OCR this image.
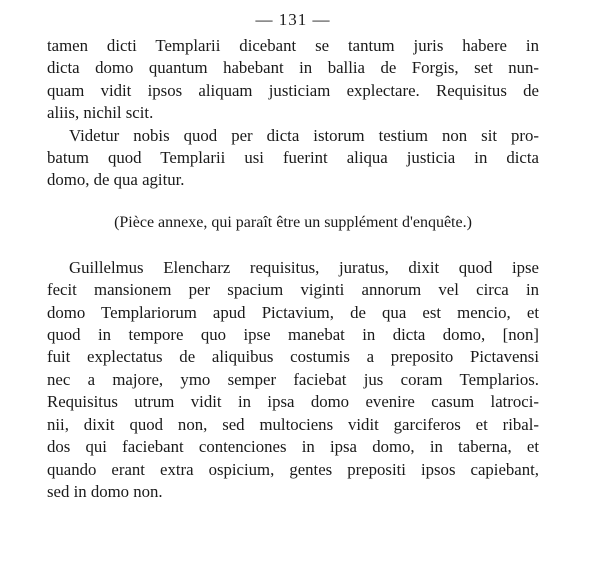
— 131 —

tamen dicti Templarii dicebant se tantum juris habere in
dicta domo quantum habebant in ballia de Forgis, set nun-
quam vidit ipsos aliquam justiciam explectare. Requisitus de
aliis, nichil scit.

Videtur nobis quod per dicta istorum testium non sit pro-
batum quod Templarii usi fuerint aliqua justicia in dicta
domo, de qua agitur.

(Pièce annexe, qui paraît être un supplément d'enquête.)

Guillelmus Elencharz requisitus, juratus, dixit quod ipse
fecit mansionem per spacium viginti annorum vel circa in
domo Templariorum apud Pictavium, de qua est mencio, et
quod in tempore quo ipse manebat in dicta domo, [non]
fuit explectatus de aliquibus costumis a preposito Pictavensi
nec a majore, ymo semper faciebat jus coram Templarios.
Requisitus utrum vidit in ipsa domo evenire casum latroci-
nii, dixit quod non, sed multociens vidit garciferos et ribal-
dos qui faciebant contenciones in ipsa domo, in taberna, et
quando erant extra ospicium, gentes prepositi ipsos capiebant,
sed in domo non.
